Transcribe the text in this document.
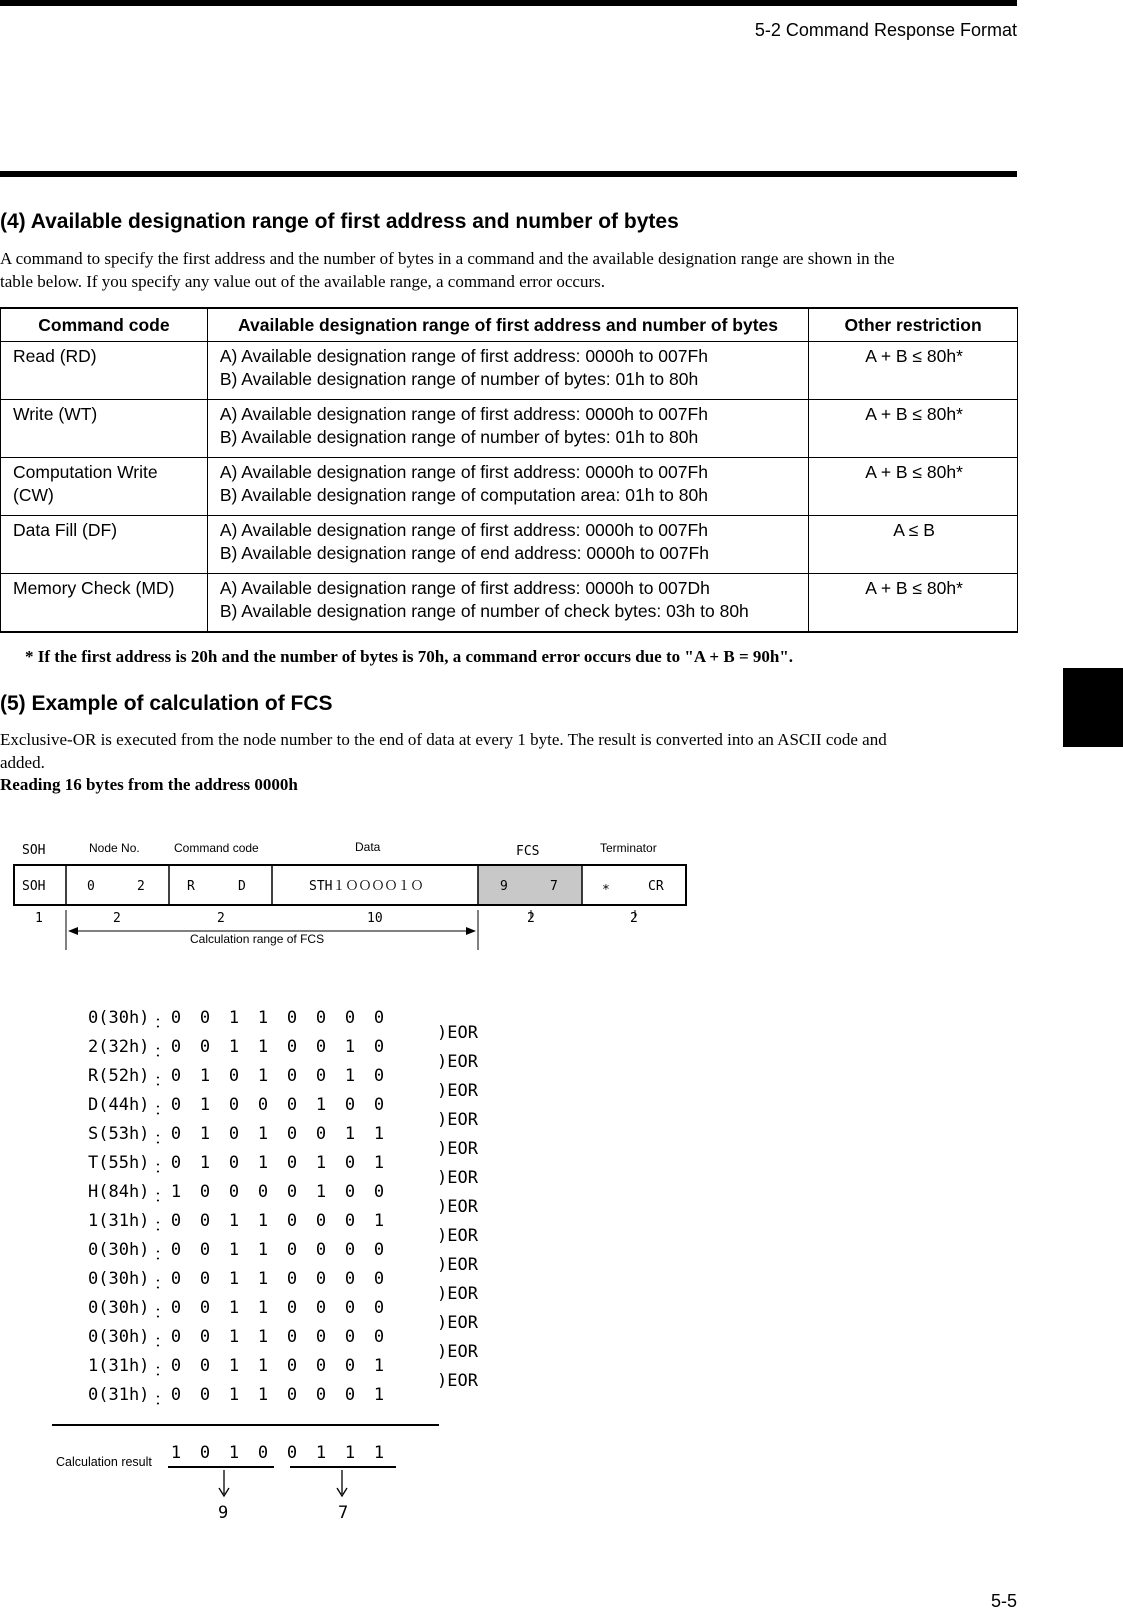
5-2 Command Response Format
(4) Available designation range of first address and number of bytes
A command to specify the first address and the number of bytes in a command and the available designation range are shown in the
table below. If you specify any value out of the available range, a command error occurs.
Command code	Available designation range of first address and number of bytes	Other restriction
Read (RD)	A) Available designation range of first address: 0000h to 007Fh
B) Available designation range of number of bytes: 01h to 80h	A + B ≤ 80h*
Write (WT)	A) Available designation range of first address: 0000h to 007Fh
B) Available designation range of number of bytes: 01h to 80h	A + B ≤ 80h*
Computation Write (CW)	A) Available designation range of first address: 0000h to 007Fh
B) Available designation range of computation area: 01h to 80h	A + B ≤ 80h*
Data Fill (DF)	A) Available designation range of first address: 0000h to 007Fh
B) Available designation range of end address: 0000h to 007Fh	A ≤ B
Memory Check (MD)	A) Available designation range of first address: 0000h to 007Dh
B) Available designation range of number of check bytes: 03h to 80h	A + B ≤ 80h*
* If the first address is 20h and the number of bytes is 70h, a command error occurs due to "A + B = 90h".
(5) Example of calculation of FCS
Exclusive-OR is executed from the node number to the end of data at every 1 byte. The result is converted into an ASCII code and
added.
Reading 16 bytes from the address 0000h
SOH	Node No.	Command code	Data	FCS	Terminator
SOH	0	2	R	D	STH１ＯＯＯＯ１Ｏ	9	7	∗	CR
1	2	2	10	2	2
Calculation range of FCS
0(30h) ： 0 0 1 1 0 0 0 0
2(32h) ： 0 0 1 1 0 0 1 0
R(52h) ： 0 1 0 1 0 0 1 0
D(44h) ： 0 1 0 0 0 1 0 0
S(53h) ： 0 1 0 1 0 0 1 1
T(55h) ： 0 1 0 1 0 1 0 1
H(84h) ： 1 0 0 0 0 1 0 0
1(31h) ： 0 0 1 1 0 0 0 1
0(30h) ： 0 0 1 1 0 0 0 0
0(30h) ： 0 0 1 1 0 0 0 0
0(30h) ： 0 0 1 1 0 0 0 0
0(30h) ： 0 0 1 1 0 0 0 0
1(31h) ： 0 0 1 1 0 0 0 1
0(31h) ： 0 0 1 1 0 0 0 1
)EOR
)EOR
)EOR
)EOR
)EOR
)EOR
)EOR
)EOR
)EOR
)EOR
)EOR
)EOR
)EOR
Calculation result 1 0 1 0 0 1 1 1
9	7
5-5
